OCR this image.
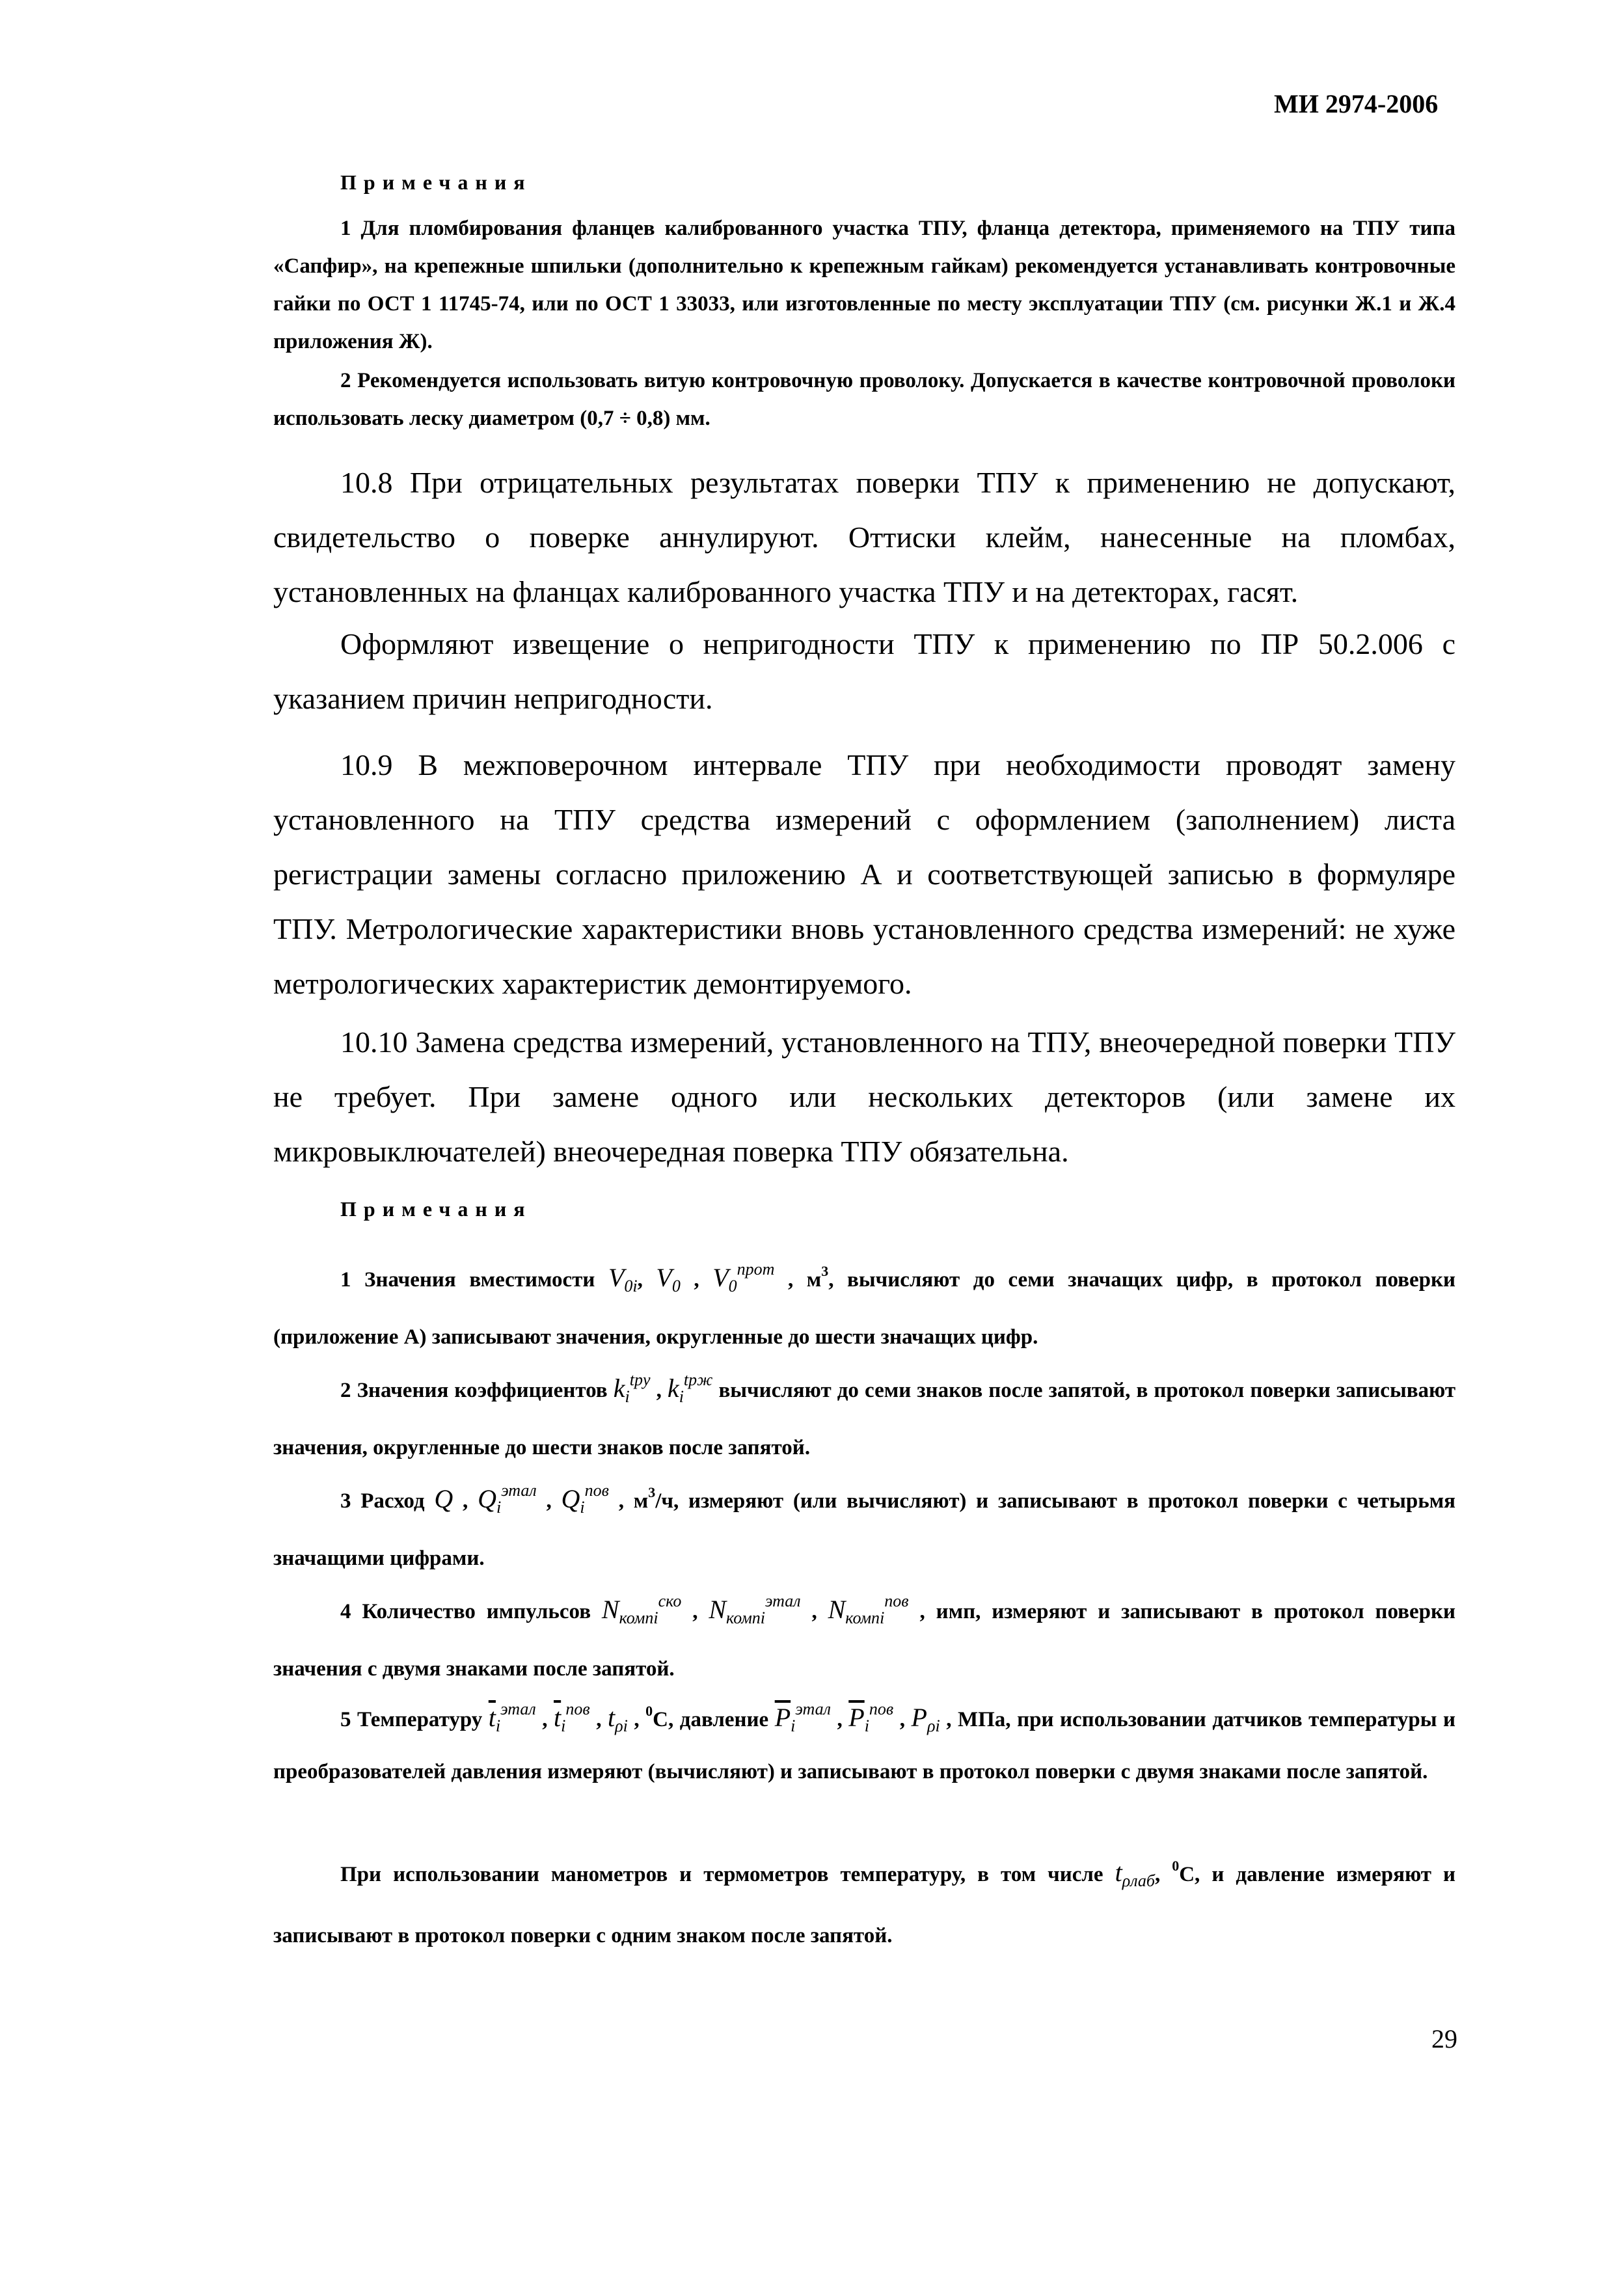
МИ 2974-2006
Примечания

1 Для пломбирования фланцев калиброванного участка ТПУ, фланца детектора, применяемого на ТПУ типа «Сапфир», на крепежные шпильки (дополнительно к крепежным гайкам) рекомендуется устанавливать контровочные гайки по ОСТ 1 11745-74, или по ОСТ 1 33033, или изготовленные по месту эксплуатации ТПУ (см. рисунки Ж.1 и Ж.4 приложения Ж).

2 Рекомендуется использовать витую контровочную проволоку. Допускается в качестве контровочной проволоки использовать леску диаметром (0,7 ÷ 0,8) мм.

10.8 При отрицательных результатах поверки ТПУ к применению не допускают, свидетельство о поверке аннулируют. Оттиски клейм, нанесенные на пломбах, установленных на фланцах калиброванного участка ТПУ и на детекторах, гасят.

Оформляют извещение о непригодности ТПУ к применению по ПР 50.2.006 с указанием причин непригодности.

10.9 В межповерочном интервале ТПУ при необходимости проводят замену установленного на ТПУ средства измерений с оформлением (заполнением) листа регистрации замены согласно приложению А и соответствующей записью в формуляре ТПУ. Метрологические характеристики вновь установленного средства измерений: не хуже метрологических характеристик демонтируемого.

10.10 Замена средства измерений, установленного на ТПУ, внеочередной поверки ТПУ не требует. При замене одного или нескольких детекторов (или замене их микровыключателей) внеочередная поверка ТПУ обязательна.

Примечания

1 Значения вместимости $V_{0i}$, $V_0$ , $V_0^{прот}$ , $м^3$, вычисляют до семи значащих цифр, в протокол поверки (приложение А) записывают значения, округленные до шести значащих цифр.

2 Значения коэффициентов $k_i^{tpy}$ , $k_i^{tpж}$ вычисляют до семи знаков после запятой, в протокол поверки записывают значения, округленные до шести знаков после запятой.

3 Расход Q , $Q_i^{этал}$ , $Q_i^{пов}$ , $м^3/ч$, измеряют (или вычисляют) и записывают в протокол поверки с четырьмя значащими цифрами.

4 Количество импульсов $N_{компi}^{ско}$ , $N_{компi}^{этал}$ , $N_{компi}^{пов}$ , имп, измеряют и записывают в протокол поверки значения с двумя знаками после запятой.

5 Температуру $\overline{t}_i^{этал}$ , $\overline{t}_i^{пов}$ , $t_{\rho i}$ , $^0$C, давление $\overline{P}_i^{этал}$ , $\overline{P}_i^{пов}$ , $P_{\rho i}$ , МПа, при использовании датчиков температуры и преобразователей давления измеряют (вычисляют) и записывают в протокол поверки с двумя знаками после запятой.

При использовании манометров и термометров температуру, в том числе $t_{\rho лаб}$, $^0$C, и давление измеряют и записывают в протокол поверки с одним знаком после запятой.

29
